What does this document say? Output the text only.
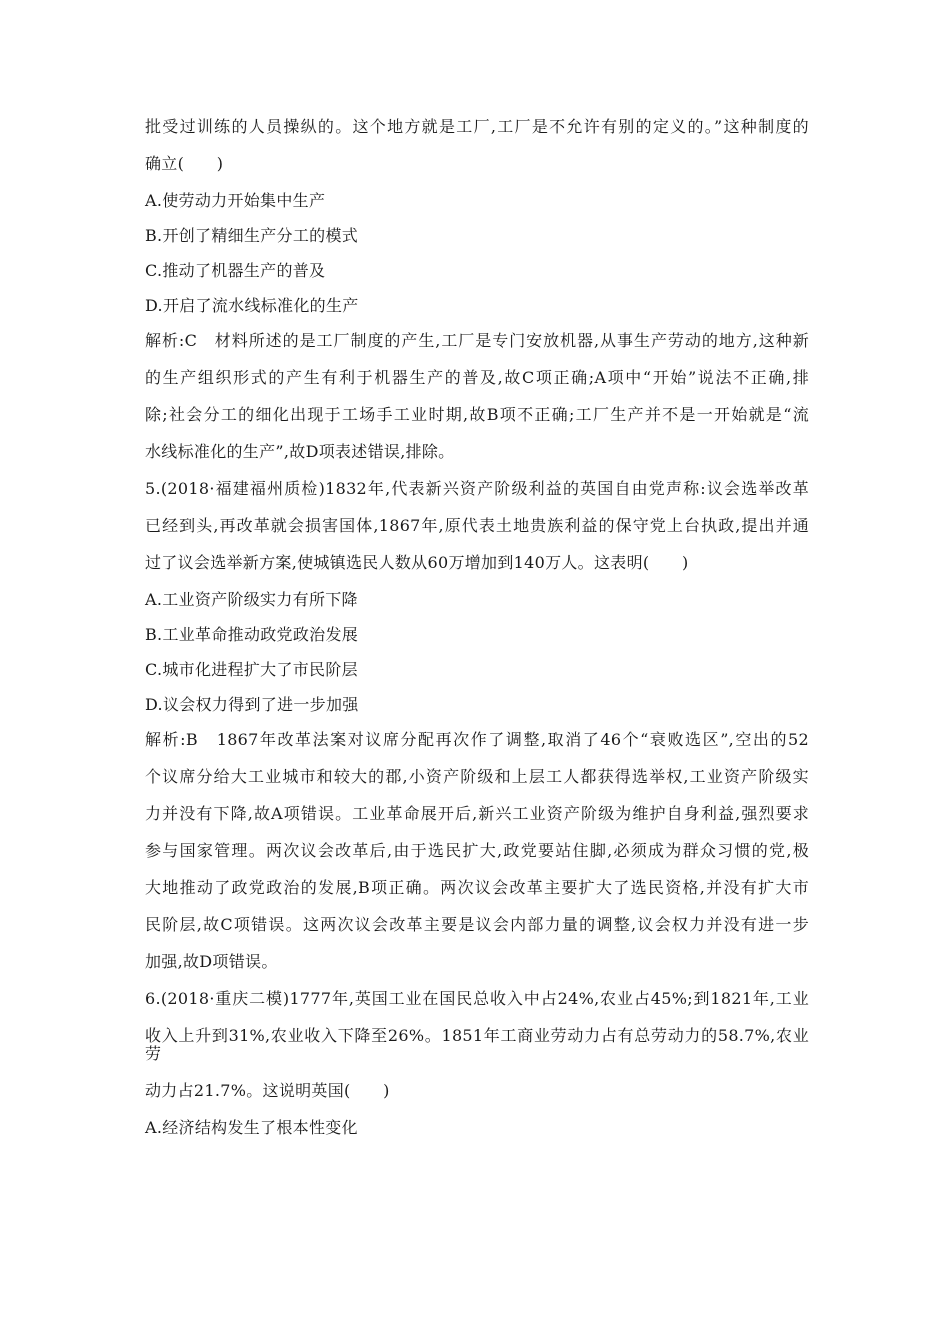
批受过训练的人员操纵的。这个地方就是工厂,工厂是不允许有别的定义的。”这种制度的
确立(　　)
A.使劳动力开始集中生产
B.开创了精细生产分工的模式
C.推动了机器生产的普及
D.开启了流水线标准化的生产
解析:C　材料所述的是工厂制度的产生,工厂是专门安放机器,从事生产劳动的地方,这种新
的生产组织形式的产生有利于机器生产的普及,故C项正确;A项中“开始”说法不正确,排
除;社会分工的细化出现于工场手工业时期,故B项不正确;工厂生产并不是一开始就是“流
水线标准化的生产”,故D项表述错误,排除。
5.(2018·福建福州质检)1832年,代表新兴资产阶级利益的英国自由党声称:议会选举改革
已经到头,再改革就会损害国体,1867年,原代表土地贵族利益的保守党上台执政,提出并通
过了议会选举新方案,使城镇选民人数从60万增加到140万人。这表明(　　)
A.工业资产阶级实力有所下降
B.工业革命推动政党政治发展
C.城市化进程扩大了市民阶层
D.议会权力得到了进一步加强
解析:B　1867年改革法案对议席分配再次作了调整,取消了46个“衰败选区”,空出的52
个议席分给大工业城市和较大的郡,小资产阶级和上层工人都获得选举权,工业资产阶级实
力并没有下降,故A项错误。工业革命展开后,新兴工业资产阶级为维护自身利益,强烈要求
参与国家管理。两次议会改革后,由于选民扩大,政党要站住脚,必须成为群众习惯的党,极
大地推动了政党政治的发展,B项正确。两次议会改革主要扩大了选民资格,并没有扩大市
民阶层,故C项错误。这两次议会改革主要是议会内部力量的调整,议会权力并没有进一步
加强,故D项错误。
6.(2018·重庆二模)1777年,英国工业在国民总收入中占24%,农业占45%;到1821年,工业
收入上升到31%,农业收入下降至26%。1851年工商业劳动力占有总劳动力的58.7%,农业劳
动力占21.7%。这说明英国(　　)
A.经济结构发生了根本性变化
